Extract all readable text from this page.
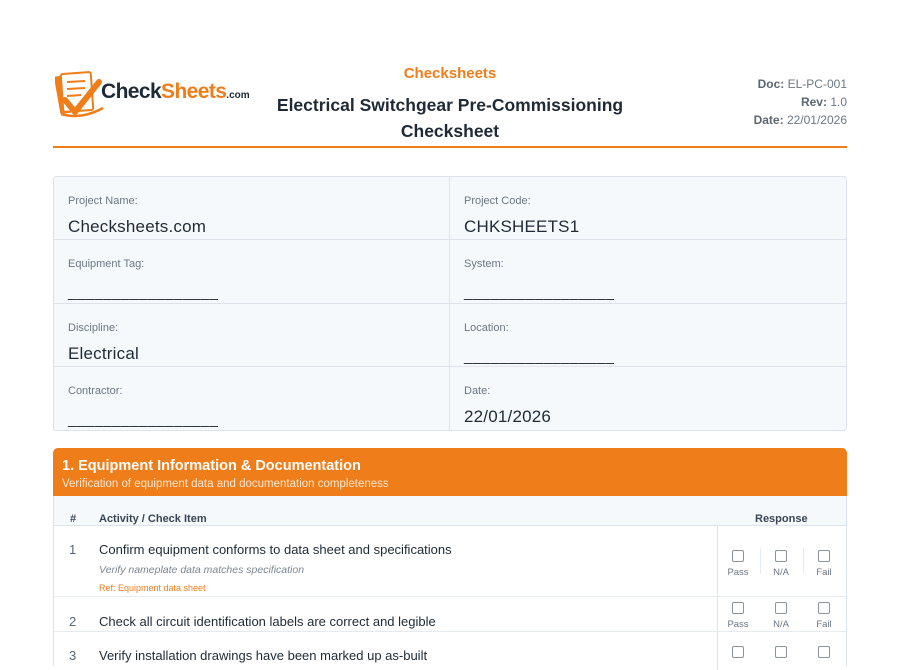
CheckSheets.com
Checksheets
Electrical Switchgear Pre-Commissioning
Checksheet
Doc: EL-PC-001
Rev: 1.0
Date: 22/01/2026
Project Name:
Checksheets.com
Project Code:
CHKSHEETS1
Equipment Tag:
_________________
System:
_________________
Discipline:
Electrical
Location:
_________________
Contractor:
_________________
Date:
22/01/2026
1. Equipment Information & Documentation
Verification of equipment data and documentation completeness
# Activity / Check Item	Response
1 Confirm equipment conforms to data sheet and specifications
Verify nameplate data matches specification
Ref: Equipment data sheet
Pass	N/A	Fail
2 Check all circuit identification labels are correct and legible	Pass	N/A	Fail
3 Verify installation drawings have been marked up as-built
